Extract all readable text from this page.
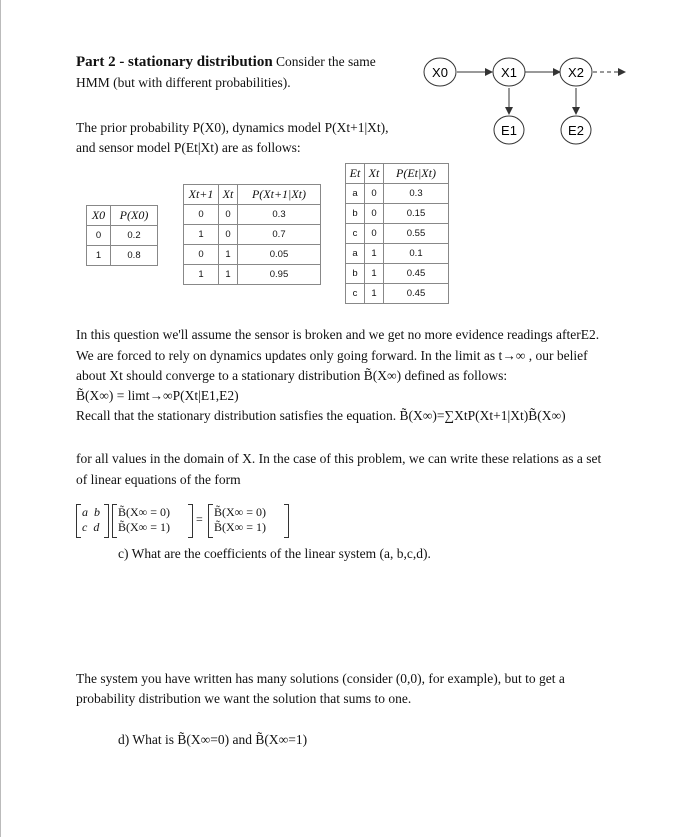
Part 2 - stationary distribution Consider the same
HMM (but with different probabilities).
The prior probability P(X0), dynamics model P(Xt+1|Xt),
and sensor model P(Et|Xt) are as follows:
X0	X1	X2
E1	E2
X0	P(X0)
0	0.2
1	0.8
Xt+1	Xt	P(Xt+1|Xt)
0	0	0.3
1	0	0.7
0	1	0.05
1	1	0.95
Et	Xt	P(Et|Xt)
a	0	0.3
b	0	0.15
c	0	0.55
a	1	0.1
b	1	0.45
c	1	0.45
In this question we'll assume the sensor is broken and we get no more evidence readings afterE2.
We are forced to rely on dynamics updates only going forward. In the limit as t→∞ , our belief
about Xt should converge to a stationary distribution B̃(X∞) defined as follows:
B̃(X∞) = limt→∞P(Xt|E1,E2)
Recall that the stationary distribution satisfies the equation. B̃(X∞)=∑XtP(Xt+1|Xt)B̃(X∞)
for all values in the domain of X. In the case of this problem, we can write these relations as a set
of linear equations of the form
a  b
c  d
B̃(X∞ = 0)
B̃(X∞ = 1)
= B̃(X∞ = 0)
B̃(X∞ = 1)
c) What are the coefficients of the linear system (a, b,c,d).
The system you have written has many solutions (consider (0,0), for example), but to get a
probability distribution we want the solution that sums to one.
d) What is B̃(X∞=0) and B̃(X∞=1)
